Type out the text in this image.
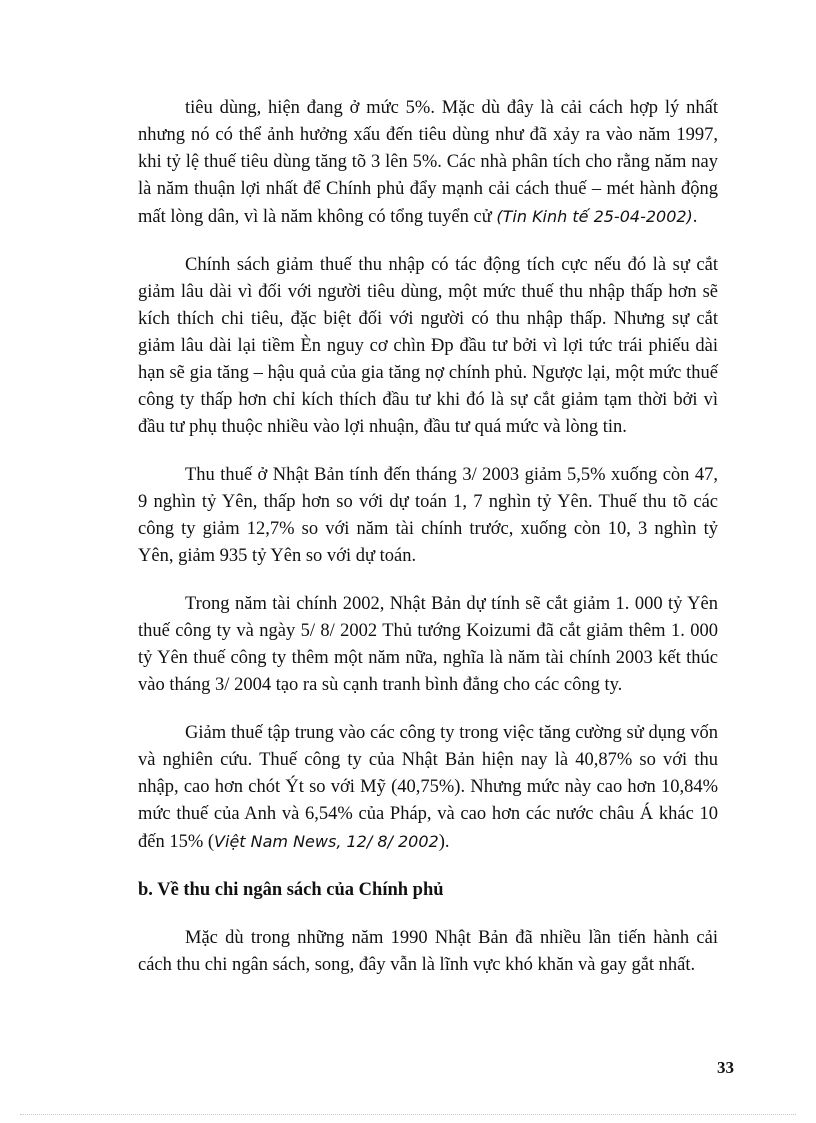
tiêu dùng, hiện đang ở mức 5%. Mặc dù đây là cải cách hợp lý nhất nhưng nó có thể ảnh hưởng xấu đến tiêu dùng như đã xảy ra vào năm 1997, khi tỷ lệ thuế tiêu dùng tăng tõ 3 lên 5%. Các nhà phân tích cho rằng năm nay là năm thuận lợi nhất để Chính phủ đẩy mạnh cải cách thuế – mét hành động mất lòng dân, vì là năm không có tổng tuyển cử (Tin Kinh tế 25-04-2002).

Chính sách giảm thuế thu nhập có tác động tích cực nếu đó là sự cắt giảm lâu dài vì đối với người tiêu dùng, một mức thuế thu nhập thấp hơn sẽ kích thích chi tiêu, đặc biệt đối với người có thu nhập thấp. Nhưng sự cắt giảm lâu dài lại tiềm Èn nguy cơ chìn Ðp đầu tư bởi vì lợi tức trái phiếu dài hạn sẽ gia tăng – hậu quả của gia tăng nợ chính phủ. Ngược lại, một mức thuế công ty thấp hơn chỉ kích thích đầu tư khi đó là sự cắt giảm tạm thời bởi vì đầu tư phụ thuộc nhiều vào lợi nhuận, đầu tư quá mức và lòng tin.

Thu thuế ở Nhật Bản tính đến tháng 3/ 2003 giảm 5,5% xuống còn 47, 9 nghìn tỷ Yên, thấp hơn so với dự toán 1, 7 nghìn tỷ Yên. Thuế thu tõ các công ty giảm 12,7% so với năm tài chính trước, xuống còn 10, 3 nghìn tỷ Yên, giảm 935 tỷ Yên so với dự toán.

Trong năm tài chính 2002, Nhật Bản dự tính sẽ cắt giảm 1. 000 tỷ Yên thuế công ty và ngày 5/ 8/ 2002 Thủ tướng Koizumi đã cắt giảm thêm 1. 000 tỷ Yên thuế công ty thêm một năm nữa, nghĩa là năm tài chính 2003 kết thúc vào tháng 3/ 2004 tạo ra sù cạnh tranh bình đẳng cho các công ty.

Giảm thuế tập trung vào các công ty trong việc tăng cường sử dụng vốn và nghiên cứu. Thuế công ty của Nhật Bản hiện nay là 40,87% so với thu nhập, cao hơn chót Ýt so với Mỹ (40,75%). Nhưng mức này cao hơn 10,84% mức thuế của Anh và 6,54% của Pháp, và cao hơn các nước châu Á khác 10 đến 15% (Việt Nam News, 12/ 8/ 2002).

b. Về thu chi ngân sách của Chính phủ

Mặc dù trong những năm 1990 Nhật Bản đã nhiều lần tiến hành cải cách thu chi ngân sách, song, đây vẫn là lĩnh vực khó khăn và gay gắt nhất.

33
